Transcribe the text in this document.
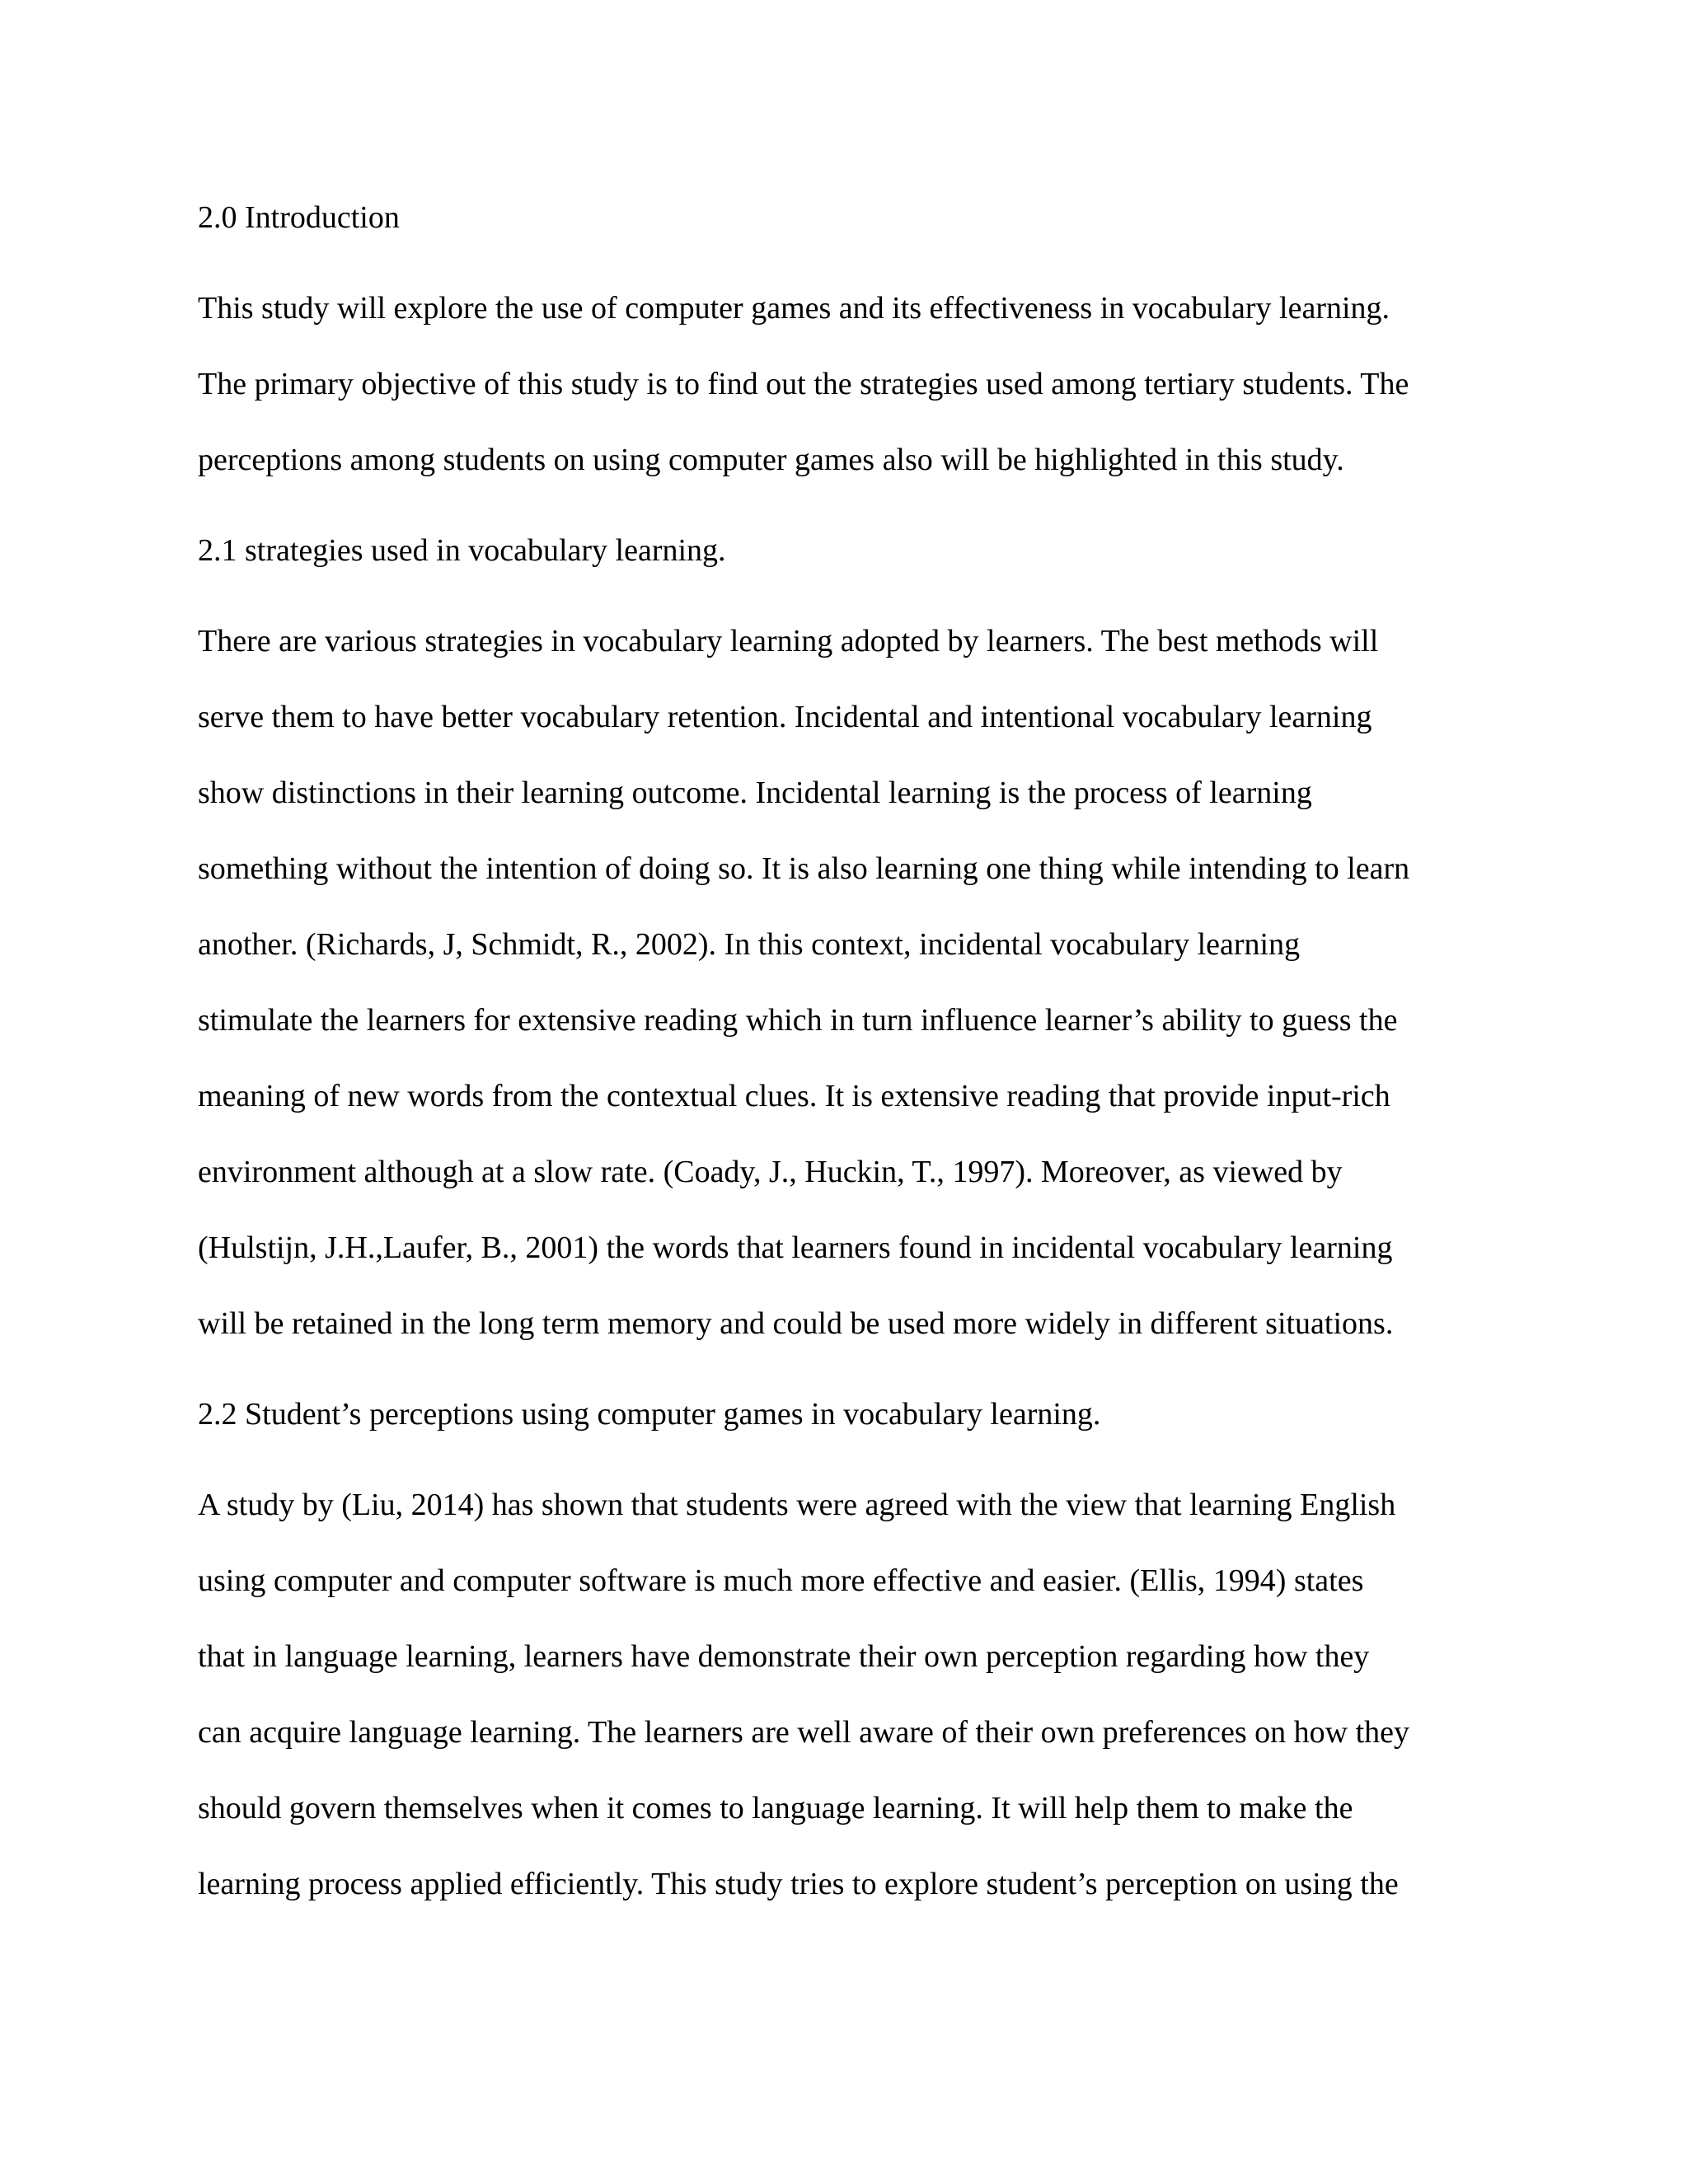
2.0 Introduction
This study will explore the use of computer games and its effectiveness in vocabulary learning.
The primary objective of this study is to find out the strategies used among tertiary students. The
perceptions among students on using computer games also will be highlighted in this study.
2.1 strategies used in vocabulary learning.
There are various strategies in vocabulary learning adopted by learners. The best methods will
serve them to have better vocabulary retention. Incidental and intentional vocabulary learning
show distinctions in their learning outcome. Incidental learning is the process of learning
something without the intention of doing so. It is also learning one thing while intending to learn
another. (Richards, J, Schmidt, R., 2002). In this context, incidental vocabulary learning
stimulate the learners for extensive reading which in turn influence learner’s ability to guess the
meaning of new words from the contextual clues. It is extensive reading that provide input-rich
environment although at a slow rate. (Coady, J., Huckin, T., 1997). Moreover, as viewed by
(Hulstijn, J.H.,Laufer, B., 2001) the words that learners found in incidental vocabulary learning
will be retained in the long term memory and could be used more widely in different situations.
2.2 Student’s perceptions using computer games in vocabulary learning.
A study by (Liu, 2014) has shown that students were agreed with the view that learning English
using computer and computer software is much more effective and easier. (Ellis, 1994) states
that in language learning, learners have demonstrate their own perception regarding how they
can acquire language learning. The learners are well aware of their own preferences on how they
should govern themselves when it comes to language learning. It will help them to make the
learning process applied efficiently. This study tries to explore student’s perception on using the
